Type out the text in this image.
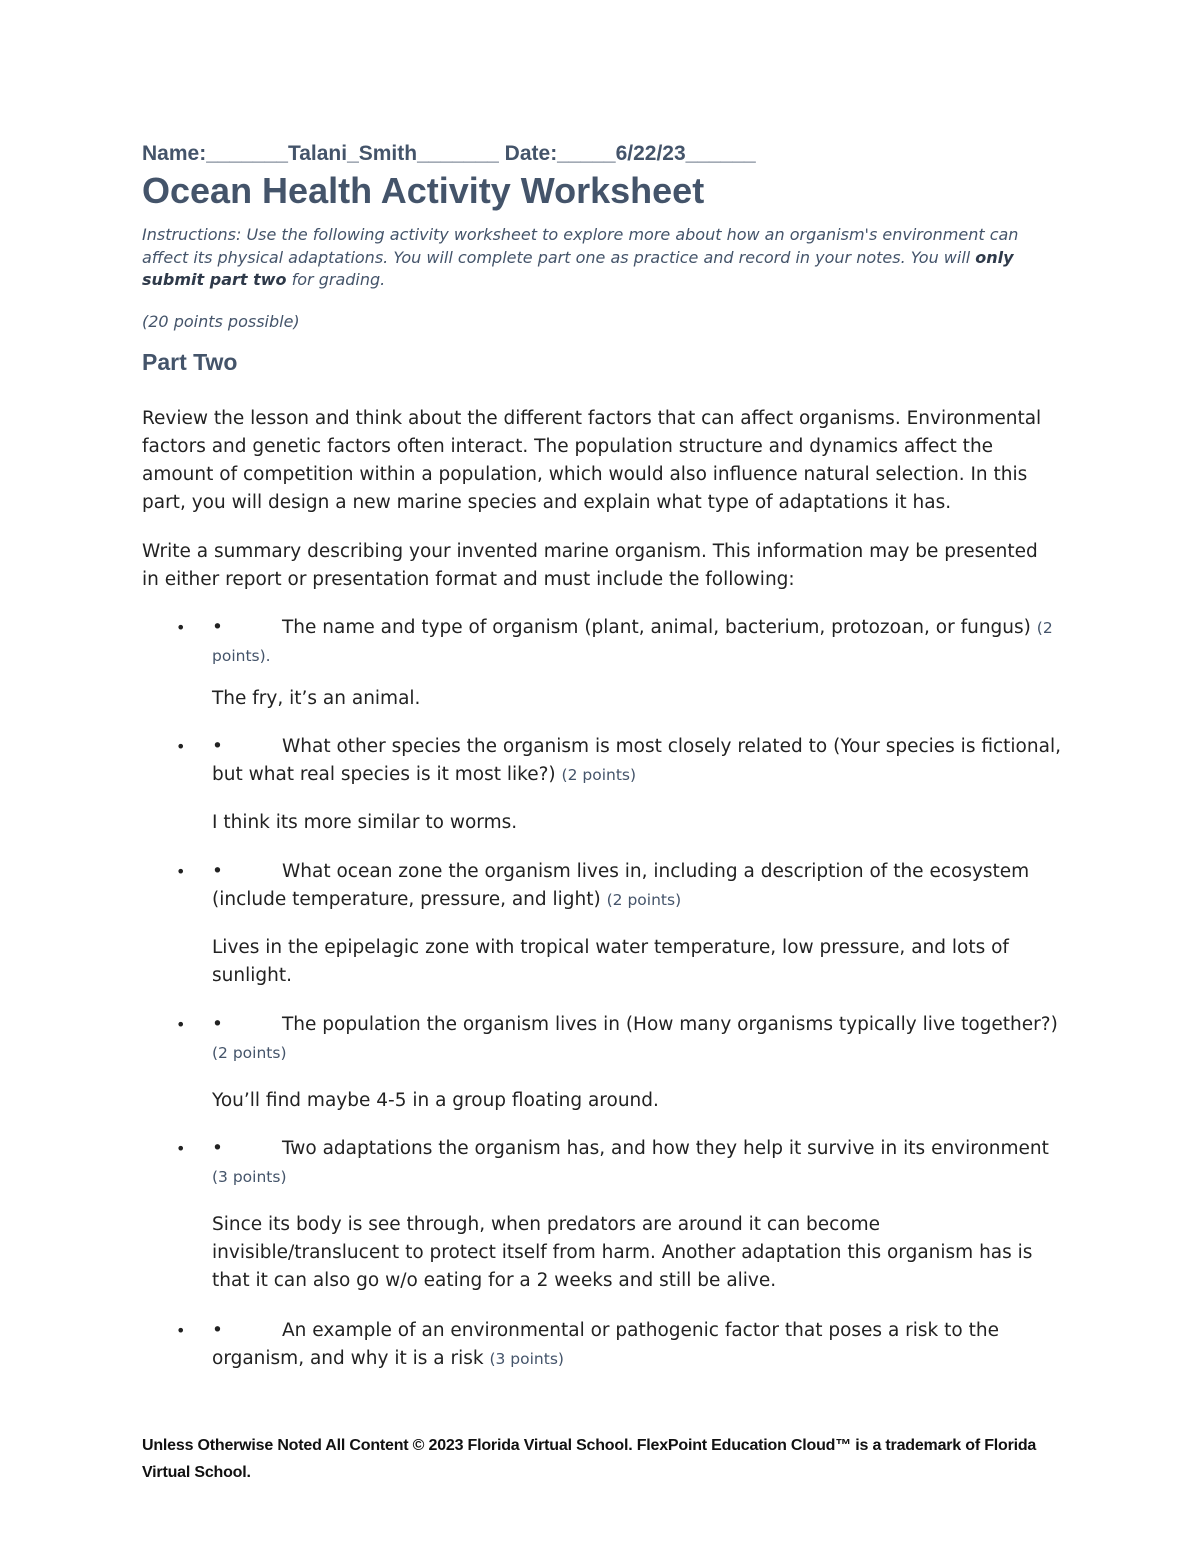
Name:_______Talani_Smith_______ Date:_____6/22/23______
Ocean Health Activity Worksheet
Instructions: Use the following activity worksheet to explore more about how an organism's environment can affect its physical adaptations. You will complete part one as practice and record in your notes. You will only submit part two for grading.
(20 points possible)
Part Two
Review the lesson and think about the different factors that can affect organisms. Environmental factors and genetic factors often interact. The population structure and dynamics affect the amount of competition within a population, which would also influence natural selection. In this part, you will design a new marine species and explain what type of adaptations it has.
Write a summary describing your invented marine organism. This information may be presented in either report or presentation format and must include the following:
• •	The name and type of organism (plant, animal, bacterium, protozoan, or fungus) (2 points).
The fry, it’s an animal.
• •	What other species the organism is most closely related to (Your species is fictional, but what real species is it most like?) (2 points)
I think its more similar to worms.
• •	What ocean zone the organism lives in, including a description of the ecosystem (include temperature, pressure, and light) (2 points)
Lives in the epipelagic zone with tropical water temperature, low pressure, and lots of sunlight.
• •	The population the organism lives in (How many organisms typically live together?) (2 points)
You’ll find maybe 4-5 in a group floating around.
• •	Two adaptations the organism has, and how they help it survive in its environment (3 points)
Since its body is see through, when predators are around it can become invisible/translucent to protect itself from harm. Another adaptation this organism has is that it can also go w/o eating for a 2 weeks and still be alive.
• •	An example of an environmental or pathogenic factor that poses a risk to the organism, and why it is a risk (3 points)
Unless Otherwise Noted All Content © 2023 Florida Virtual School. FlexPoint Education Cloud™ is a trademark of Florida Virtual School.
